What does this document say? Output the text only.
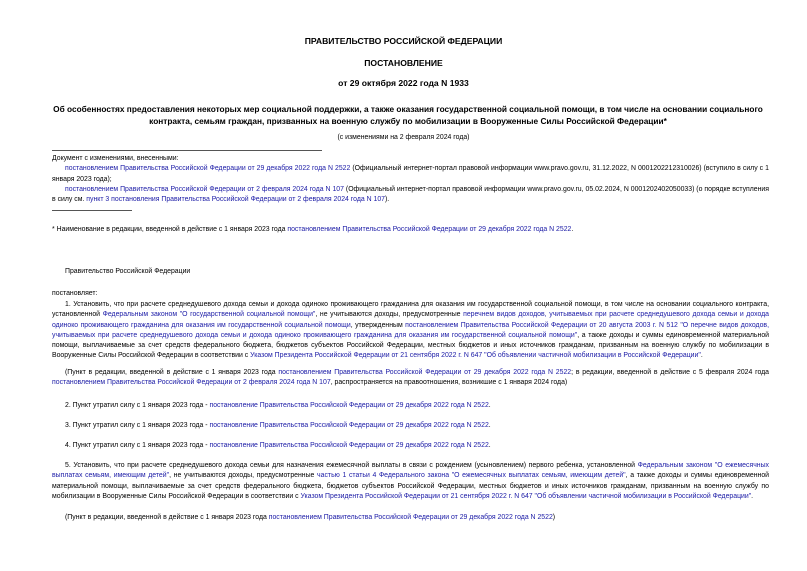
ПРАВИТЕЛЬСТВО РОССИЙСКОЙ ФЕДЕРАЦИИ
ПОСТАНОВЛЕНИЕ
от 29 октября 2022 года N 1933
Об особенностях предоставления некоторых мер социальной поддержки, а также оказания государственной социальной помощи, в том числе на основании социального контракта, семьям граждан, призванных на военную службу по мобилизации в Вооруженные Силы Российской Федерации*
(с изменениями на 2 февраля 2024 года)
Документ с изменениями, внесенными:
постановлением Правительства Российской Федерации от 29 декабря 2022 года N 2522 (Официальный интернет-портал правовой информации www.pravo.gov.ru, 31.12.2022, N 0001202212310026) (вступило в силу с 1 января 2023 года);
постановлением Правительства Российской Федерации от 2 февраля 2024 года N 107 (Официальный интернет-портал правовой информации www.pravo.gov.ru, 05.02.2024, N 0001202402050033) (о порядке вступления в силу см. пункт 3 постановления Правительства Российской Федерации от 2 февраля 2024 года N 107).
* Наименование в редакции, введенной в действие с 1 января 2023 года постановлением Правительства Российской Федерации от 29 декабря 2022 года N 2522.
Правительство Российской Федерации
постановляет:
1. Установить, что при расчете среднедушевого дохода семьи и дохода одиноко проживающего гражданина для оказания им государственной социальной помощи, в том числе на основании социального контракта, установленной Федеральным законом "О государственной социальной помощи", не учитываются доходы, предусмотренные перечнем видов доходов, учитываемых при расчете среднедушевого дохода семьи и дохода одиноко проживающего гражданина для оказания им государственной социальной помощи, утвержденным постановлением Правительства Российской Федерации от 20 августа 2003 г. N 512 "О перечне видов доходов, учитываемых при расчете среднедушевого дохода семьи и дохода одиноко проживающего гражданина для оказания им государственной социальной помощи", а также доходы и суммы единовременной материальной помощи, выплачиваемые за счет средств федерального бюджета, бюджетов субъектов Российской Федерации, местных бюджетов и иных источников гражданам, призванным на военную службу по мобилизации в Вооруженные Силы Российской Федерации в соответствии с Указом Президента Российской Федерации от 21 сентября 2022 г. N 647 "Об объявлении частичной мобилизации в Российской Федерации".
(Пункт в редакции, введенной в действие с 1 января 2023 года постановлением Правительства Российской Федерации от 29 декабря 2022 года N 2522; в редакции, введенной в действие с 5 февраля 2024 года постановлением Правительства Российской Федерации от 2 февраля 2024 года N 107, распространяется на правоотношения, возникшие с 1 января 2024 года)
2. Пункт утратил силу с 1 января 2023 года - постановление Правительства Российской Федерации от 29 декабря 2022 года N 2522.
3. Пункт утратил силу с 1 января 2023 года - постановление Правительства Российской Федерации от 29 декабря 2022 года N 2522.
4. Пункт утратил силу с 1 января 2023 года - постановление Правительства Российской Федерации от 29 декабря 2022 года N 2522.
5. Установить, что при расчете среднедушевого дохода семьи для назначения ежемесячной выплаты в связи с рождением (усыновлением) первого ребенка, установленной Федеральным законом "О ежемесячных выплатах семьям, имеющим детей", не учитываются доходы, предусмотренные частью 1 статьи 4 Федерального закона "О ежемесячных выплатах семьям, имеющим детей", а также доходы и суммы единовременной материальной помощи, выплачиваемые за счет средств федерального бюджета, бюджетов субъектов Российской Федерации, местных бюджетов и иных источников гражданам, призванным на военную службу по мобилизации в Вооруженные Силы Российской Федерации в соответствии с Указом Президента Российской Федерации от 21 сентября 2022 г. N 647 "Об объявлении частичной мобилизации в Российской Федерации".
(Пункт в редакции, введенной в действие с 1 января 2023 года постановлением Правительства Российской Федерации от 29 декабря 2022 года N 2522)
